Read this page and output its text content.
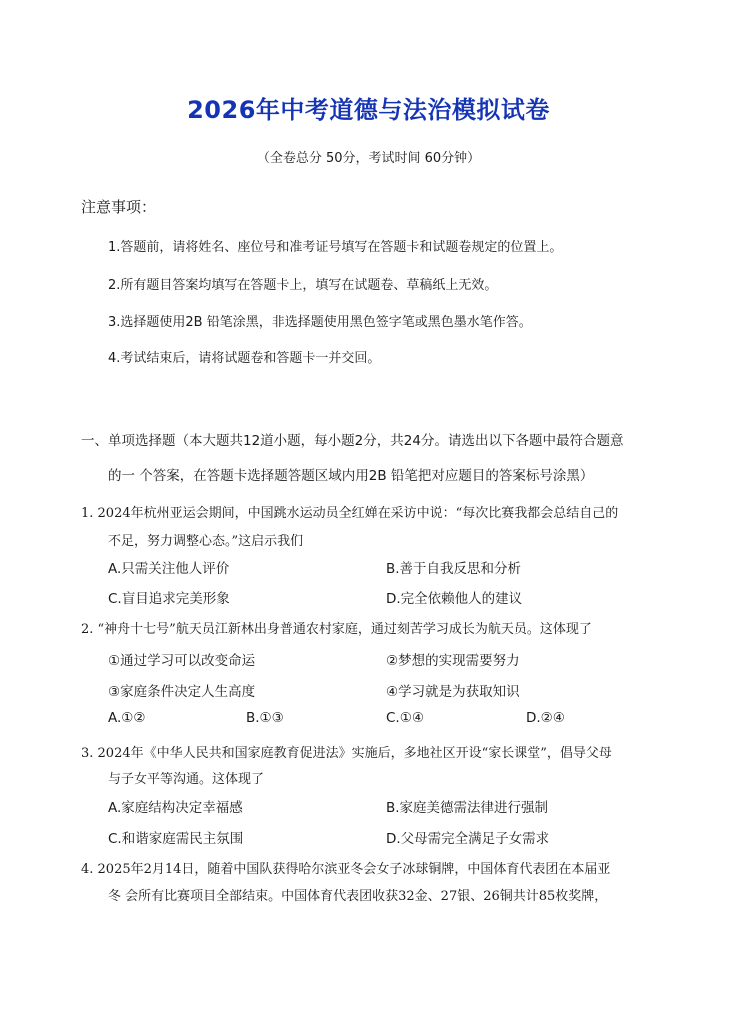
2026年中考道德与法治模拟试卷

（全卷总分 50分，考试时间 60分钟）

注意事项：

1.答题前，请将姓名、座位号和准考证号填写在答题卡和试题卷规定的位置上。

2.所有题目答案均填写在答题卡上，填写在试题卷、草稿纸上无效。

3.选择题使用2B 铅笔涂黑，非选择题使用黑色签字笔或黑色墨水笔作答。

4.考试结束后，请将试题卷和答题卡一并交回。

一、单项选择题（本大题共12道小题，每小题2分，共24分。请选出以下各题中最符合题意

的一 个答案，在答题卡选择题答题区域内用2B 铅笔把对应题目的答案标号涂黑）

1. 2024年杭州亚运会期间，中国跳水运动员全红婵在采访中说：“每次比赛我都会总结自己的

不足，努力调整心态。”这启示我们

A.只需关注他人评价	B.善于自我反思和分析

C.盲目追求完美形象	D.完全依赖他人的建议

2. “神舟十七号”航天员江新林出身普通农村家庭，通过刻苦学习成长为航天员。这体现了

①通过学习可以改变命运	②梦想的实现需要努力

③家庭条件决定人生高度	④学习就是为获取知识

A.①②	B.①③	C.①④	D.②④

3. 2024年《中华人民共和国家庭教育促进法》实施后，多地社区开设“家长课堂”，倡导父母

与子女平等沟通。这体现了

A.家庭结构决定幸福感	B.家庭美德需法律进行强制

C.和谐家庭需民主氛围	D.父母需完全满足子女需求

4. 2025年2月14日，随着中国队获得哈尔滨亚冬会女子冰球铜牌，中国体育代表团在本届亚

冬 会所有比赛项目全部结束。中国体育代表团收获32金、27银、26铜共计85枚奖牌，
